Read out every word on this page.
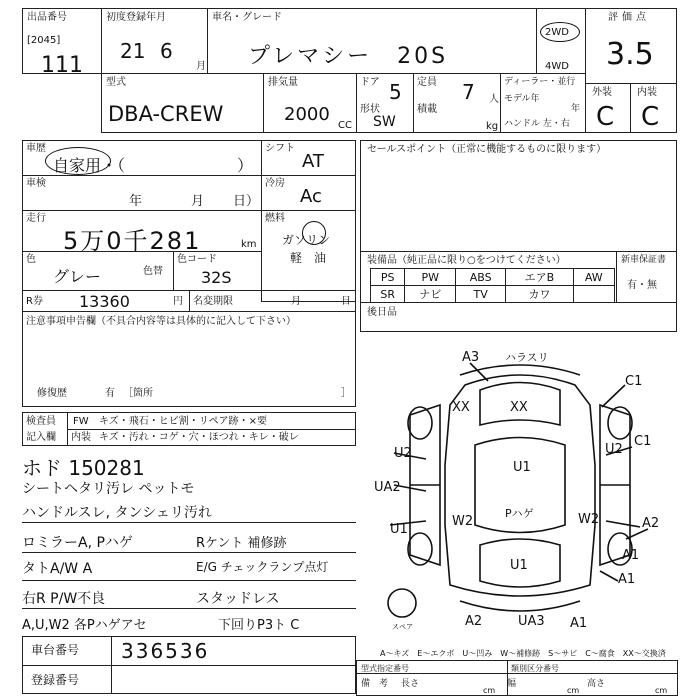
出品番号
[2045]
111
初度登録年月
21 6
月
車名・グレード
プレマシー　20S
2WD
4WD
評価点
3.5
型式
DBA-CREW
排気量
2000
CC
ドア 5
形状
SW
定員 7 人
積載
kg
ディーラー・並行
モデル年
年
ハンドル 左・右
外装
C
内装
C
車歴
自家用・（　　　　　　　）
シフト
AT
車検
年	月 日）
冷房
Ac
走行
5万0千281	km
燃料
ガソリン
軽　油
色
グレー	色替
色コード
32S
R券 13360	円 名変期限	月	日
注意事項申告欄（不具合内容等は具体的に記入して下さい）
修復歴	有 ［箇所	］
セールスポイント（正常に機能するものに限ります）
装備品（純正品に限り○をつけてください）
PS	PW	ABS	エアB	AW
SR	ナビ	TV	カワ	
新車保証書
有・無
後日品
検査員
記入欄
FW キズ・飛石・ヒビ割・リペア跡・×要
内装 キズ・汚れ・コゲ・穴・ほつれ・キレ・破レ
ホド 150281
シートヘタリ汚レ ペットモ
ハンドルスレ, タンシェリ汚れ
ロミラーA, Pハゲ
タトA/W A
右R P/W不良
A,U,W2 各Pハゲアセ
Rケント 補修跡
E/G チェックランプ点灯
スタッドレス
下回りP3ト C
車台番号 336536
登録番号
A3 ハラスリ
XX	XX
U1
U2
UA2
U1
W2	W2
U2
Pハゲ
U1
A2
A1
A1
A2	UA3 A1
C1
C1
スペア
A～キズ　E～エクボ　U～凹み　W～補修跡　S～サビ　C～腐食　XX～交換済
型式指定番号	類別区分番号
備　考 長さ
cm
幅
cm
高さ
cm
